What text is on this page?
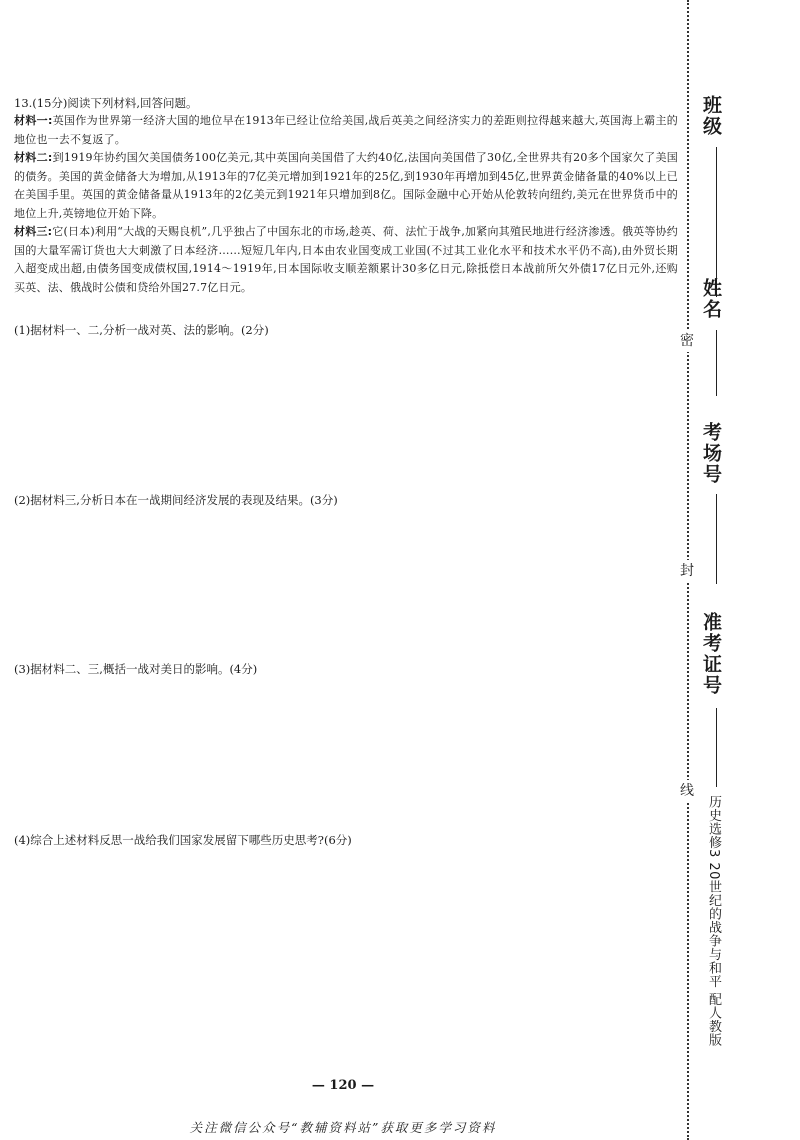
13.(15分)阅读下列材料,回答问题。

材料一:英国作为世界第一经济大国的地位早在1913年已经让位给美国,战后英美之间经济实力的差距则拉得越来越大,英国海上霸主的地位也一去不复返了。

材料二:到1919年协约国欠美国债务100亿美元,其中英国向美国借了大约40亿,法国向美国借了30亿,全世界共有20多个国家欠了美国的债务。美国的黄金储备大为增加,从1913年的7亿美元增加到1921年的25亿,到1930年再增加到45亿,世界黄金储备量的40%以上已在美国手里。英国的黄金储备量从1913年的2亿美元到1921年只增加到8亿。国际金融中心开始从伦敦转向纽约,美元在世界货币中的地位上升,英镑地位开始下降。

材料三:它(日本)利用“大战的天赐良机”,几乎独占了中国东北的市场,趁英、荷、法忙于战争,加紧向其殖民地进行经济渗透。俄英等协约国的大量军需订货也大大刺激了日本经济……短短几年内,日本由农业国变成工业国(不过其工业化水平和技术水平仍不高),由外贸长期入超变成出超,由债务国变成债权国,1914～1919年,日本国际收支顺差额累计30多亿日元,除抵偿日本战前所欠外债17亿日元外,还购买英、法、俄战时公债和贷给外国27.7亿日元。

(1)据材料一、二,分析一战对英、法的影响。(2分)

(2)据材料三,分析日本在一战期间经济发展的表现及结果。(3分)

(3)据材料二、三,概括一战对美日的影响。(4分)

(4)综合上述材料反思一战给我们国家发展留下哪些历史思考?(6分)

— 120 —
关注微信公众号“教辅资料站”获取更多学习资料
班级
姓名
考场号
准考证号
密
封
线
历史选修3 20世纪的战争与和平 配人教版
